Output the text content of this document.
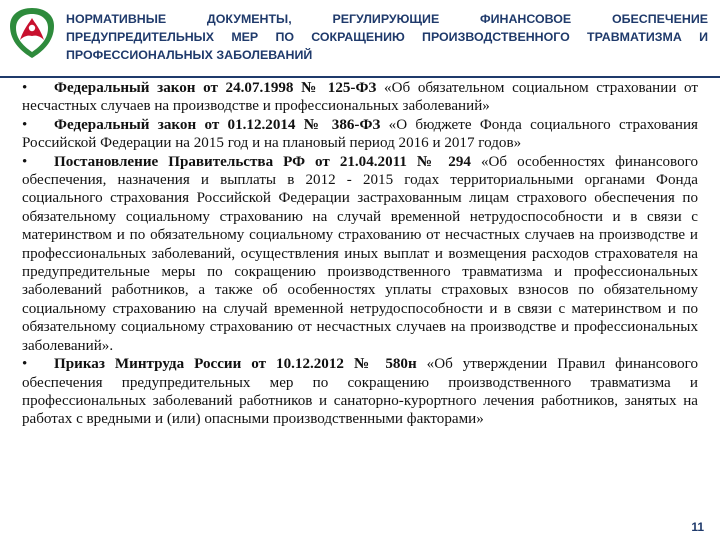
НОРМАТИВНЫЕ ДОКУМЕНТЫ, РЕГУЛИРУЮЩИЕ ФИНАНСОВОЕ ОБЕСПЕЧЕНИЕ ПРЕДУПРЕДИТЕЛЬНЫХ МЕР ПО СОКРАЩЕНИЮ ПРОИЗВОДСТВЕННОГО ТРАВМАТИЗМА И ПРОФЕССИОНАЛЬНЫХ ЗАБОЛЕВАНИЙ

• Федеральный закон от 24.07.1998 № 125-ФЗ «Об обязательном социальном страховании от несчастных случаев на производстве и профессиональных заболеваний»

• Федеральный закон от 01.12.2014 № 386-ФЗ «О бюджете Фонда социального страхования Российской Федерации на 2015 год и на плановый период 2016 и 2017 годов»

• Постановление Правительства РФ от 21.04.2011 № 294 «Об особенностях финансового обеспечения, назначения и выплаты в 2012 - 2015 годах территориальными органами Фонда социального страхования Российской Федерации застрахованным лицам страхового обеспечения по обязательному социальному страхованию на случай временной нетрудоспособности и в связи с материнством и по обязательному социальному страхованию от несчастных случаев на производстве и профессиональных заболеваний, осуществления иных выплат и возмещения расходов страхователя на предупредительные меры по сокращению производственного травматизма и профессиональных заболеваний работников, а также об особенностях уплаты страховых взносов по обязательному социальному страхованию на случай временной нетрудоспособности и в связи с материнством и по обязательному социальному страхованию от несчастных случаев на производстве и профессиональных заболеваний».

• Приказ Минтруда России от 10.12.2012 № 580н «Об утверждении Правил финансового обеспечения предупредительных мер по сокращению производственного травматизма и профессиональных заболеваний работников и санаторно-курортного лечения работников, занятых на работах с вредными и (или) опасными производственными факторами»

11
